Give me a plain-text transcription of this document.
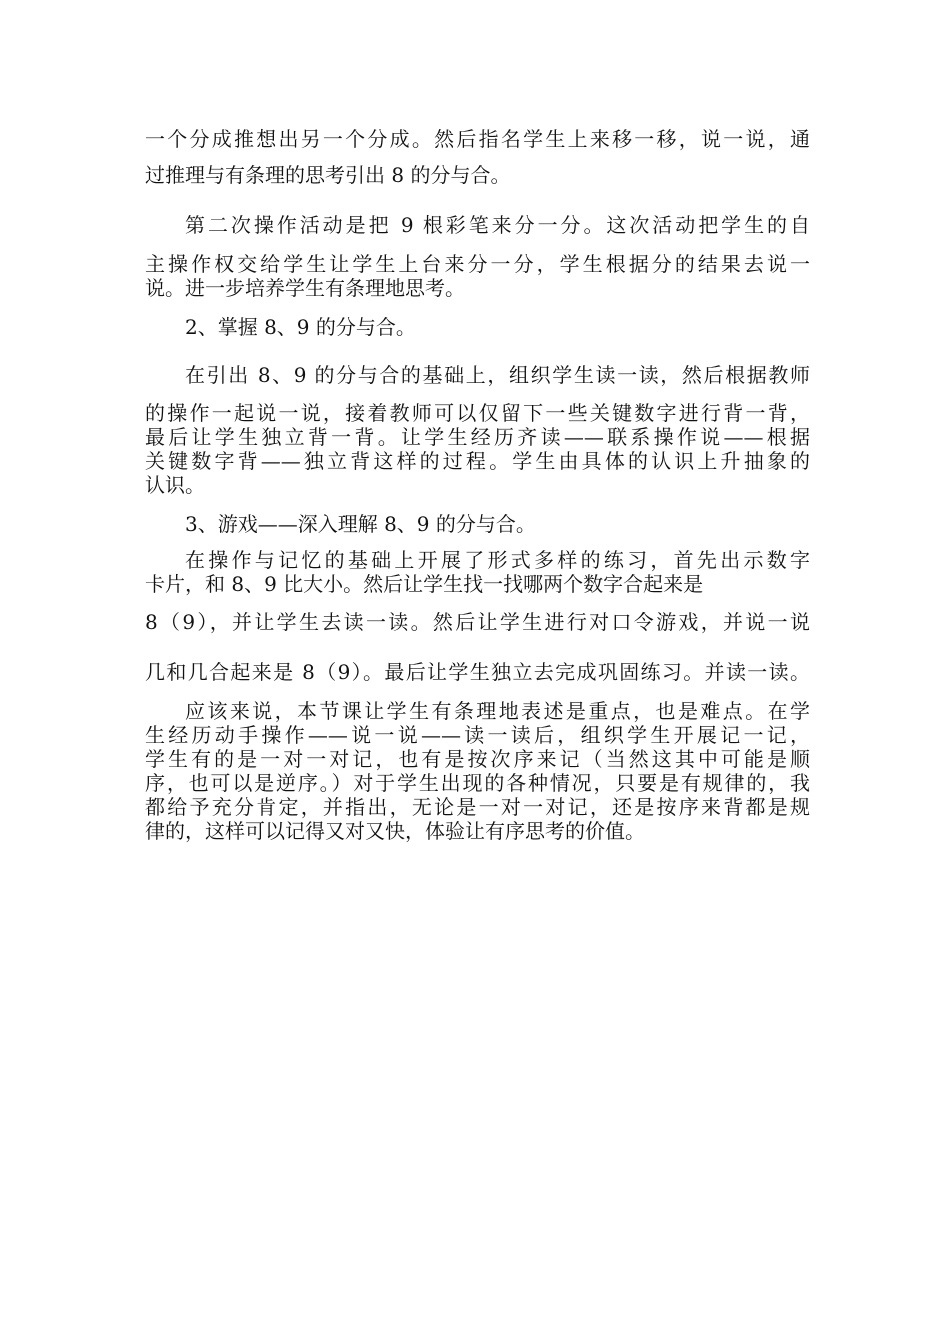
一个分成推想出另一个分成。然后指名学生上来移一移，说一说，通
过推理与有条理的思考引出 8 的分与合。
第二次操作活动是把 9 根彩笔来分一分。这次活动把学生的自
主操作权交给学生让学生上台来分一分，学生根据分的结果去说一
说。进一步培养学生有条理地思考。
2、掌握 8、9 的分与合。
在引出 8、9 的分与合的基础上，组织学生读一读，然后根据教师
的操作一起说一说，接着教师可以仅留下一些关键数字进行背一背，
最后让学生独立背一背。让学生经历齐读——联系操作说——根据
关键数字背——独立背这样的过程。学生由具体的认识上升抽象的
认识。
3、游戏——深入理解 8、9 的分与合。
在操作与记忆的基础上开展了形式多样的练习，首先出示数字
卡片，和 8、9 比大小。然后让学生找一找哪两个数字合起来是
8（9），并让学生去读一读。然后让学生进行对口令游戏，并说一说
几和几合起来是 8（9）。最后让学生独立去完成巩固练习。并读一读。
应该来说，本节课让学生有条理地表述是重点，也是难点。在学
生经历动手操作——说一说——读一读后，组织学生开展记一记，
学生有的是一对一对记，也有是按次序来记（当然这其中可能是顺
序，也可以是逆序。）对于学生出现的各种情况，只要是有规律的，我
都给予充分肯定，并指出，无论是一对一对记，还是按序来背都是规
律的，这样可以记得又对又快，体验让有序思考的价值。
